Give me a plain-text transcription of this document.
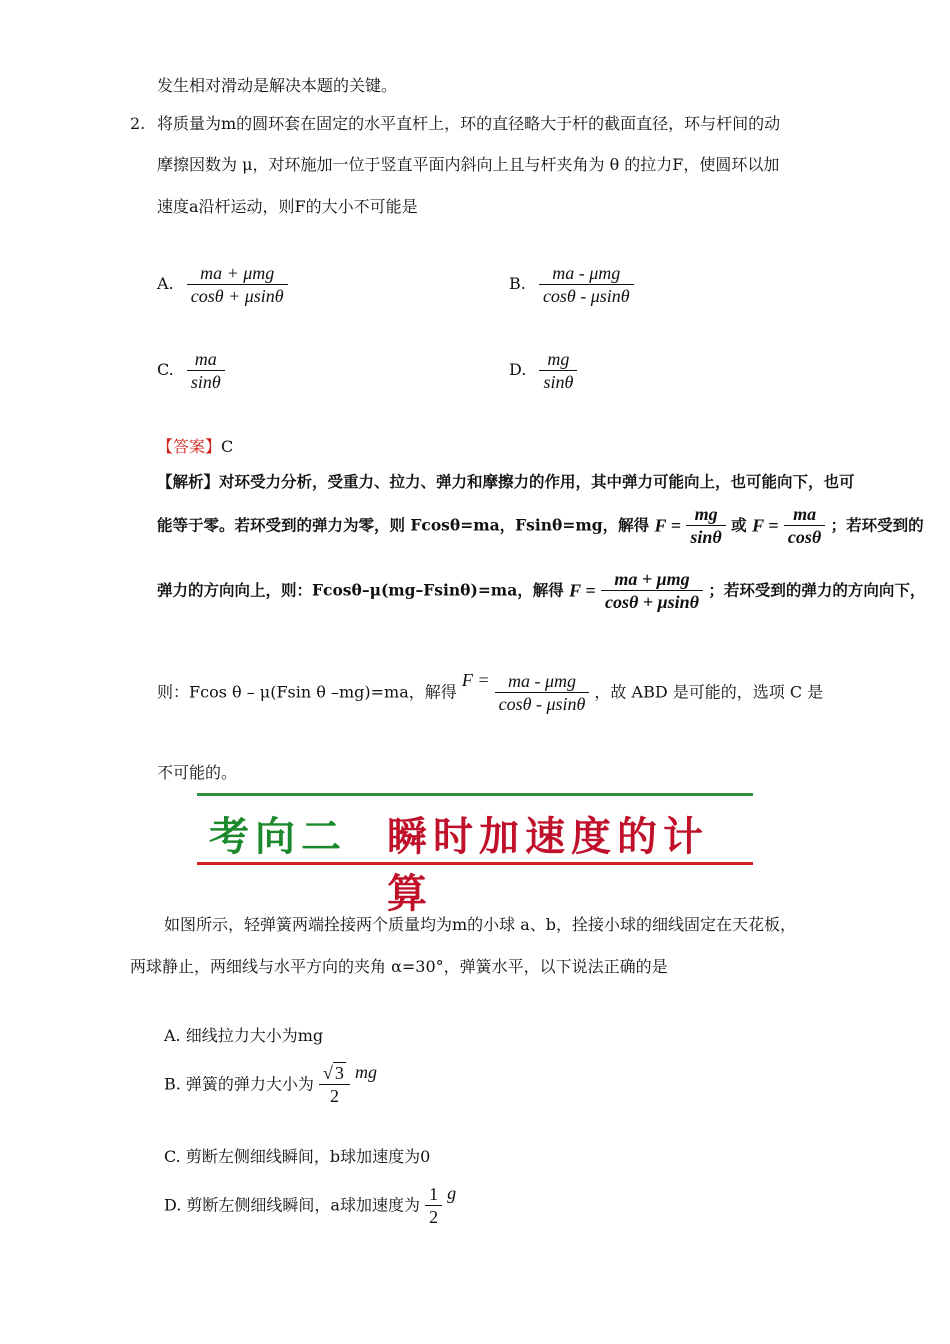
发生相对滑动是解决本题的关键。
2. 将质量为m的圆环套在固定的水平直杆上，环的直径略大于杆的截面直径，环与杆间的动
摩擦因数为 μ，对环施加一位于竖直平面内斜向上且与杆夹角为 θ 的拉力F，使圆环以加
速度a沿杆运动，则F的大小不可能是
A. $\frac{\text{ma + μmg}}{\cos\theta + \mu\sin\theta}$	B. $\frac{\text{ma - μmg}}{\cos\theta - \mu\sin\theta}$
C. $\frac{ma}{\sin\theta}$	D. $\frac{mg}{\sin\theta}$
【答案】C
【解析】对环受力分析，受重力、拉力、弹力和摩擦力的作用，其中弹力可能向上，也可能向下，也可
能等于零。若环受到的弹力为零，则 Fcosθ=ma，Fsinθ=mg，解得 $F = \frac{mg}{\sin\theta}$ 或 $F = \frac{ma}{\cos\theta}$ ；若环受到的
弹力的方向向上，则：Fcosθ–μ(mg–Fsinθ)=ma，解得 $F = \frac{\text{ma + μmg}}{\cos\theta + \mu\sin\theta}$ ；若环受到的弹力的方向向下，
则：Fcos θ – μ(Fsin θ –mg)=ma，解得 $F = \frac{\text{ma - μmg}}{\cos\theta - \mu\sin\theta}$ ，故 ABD 是可能的，选项 C 是
不可能的。
考向二 瞬时加速度的计算
如图所示，轻弹簧两端拴接两个质量均为m的小球 a、b，拴接小球的细线固定在天花板，
两球静止，两细线与水平方向的夹角 α=30°，弹簧水平，以下说法正确的是
A. 细线拉力大小为mg
B. 弹簧的弹力大小为 $\frac{√ 3}{2}$ mg
C. 剪断左侧细线瞬间，b球加速度为0
D. 剪断左侧细线瞬间，a球加速度为 $\frac{1}{2}$ g
